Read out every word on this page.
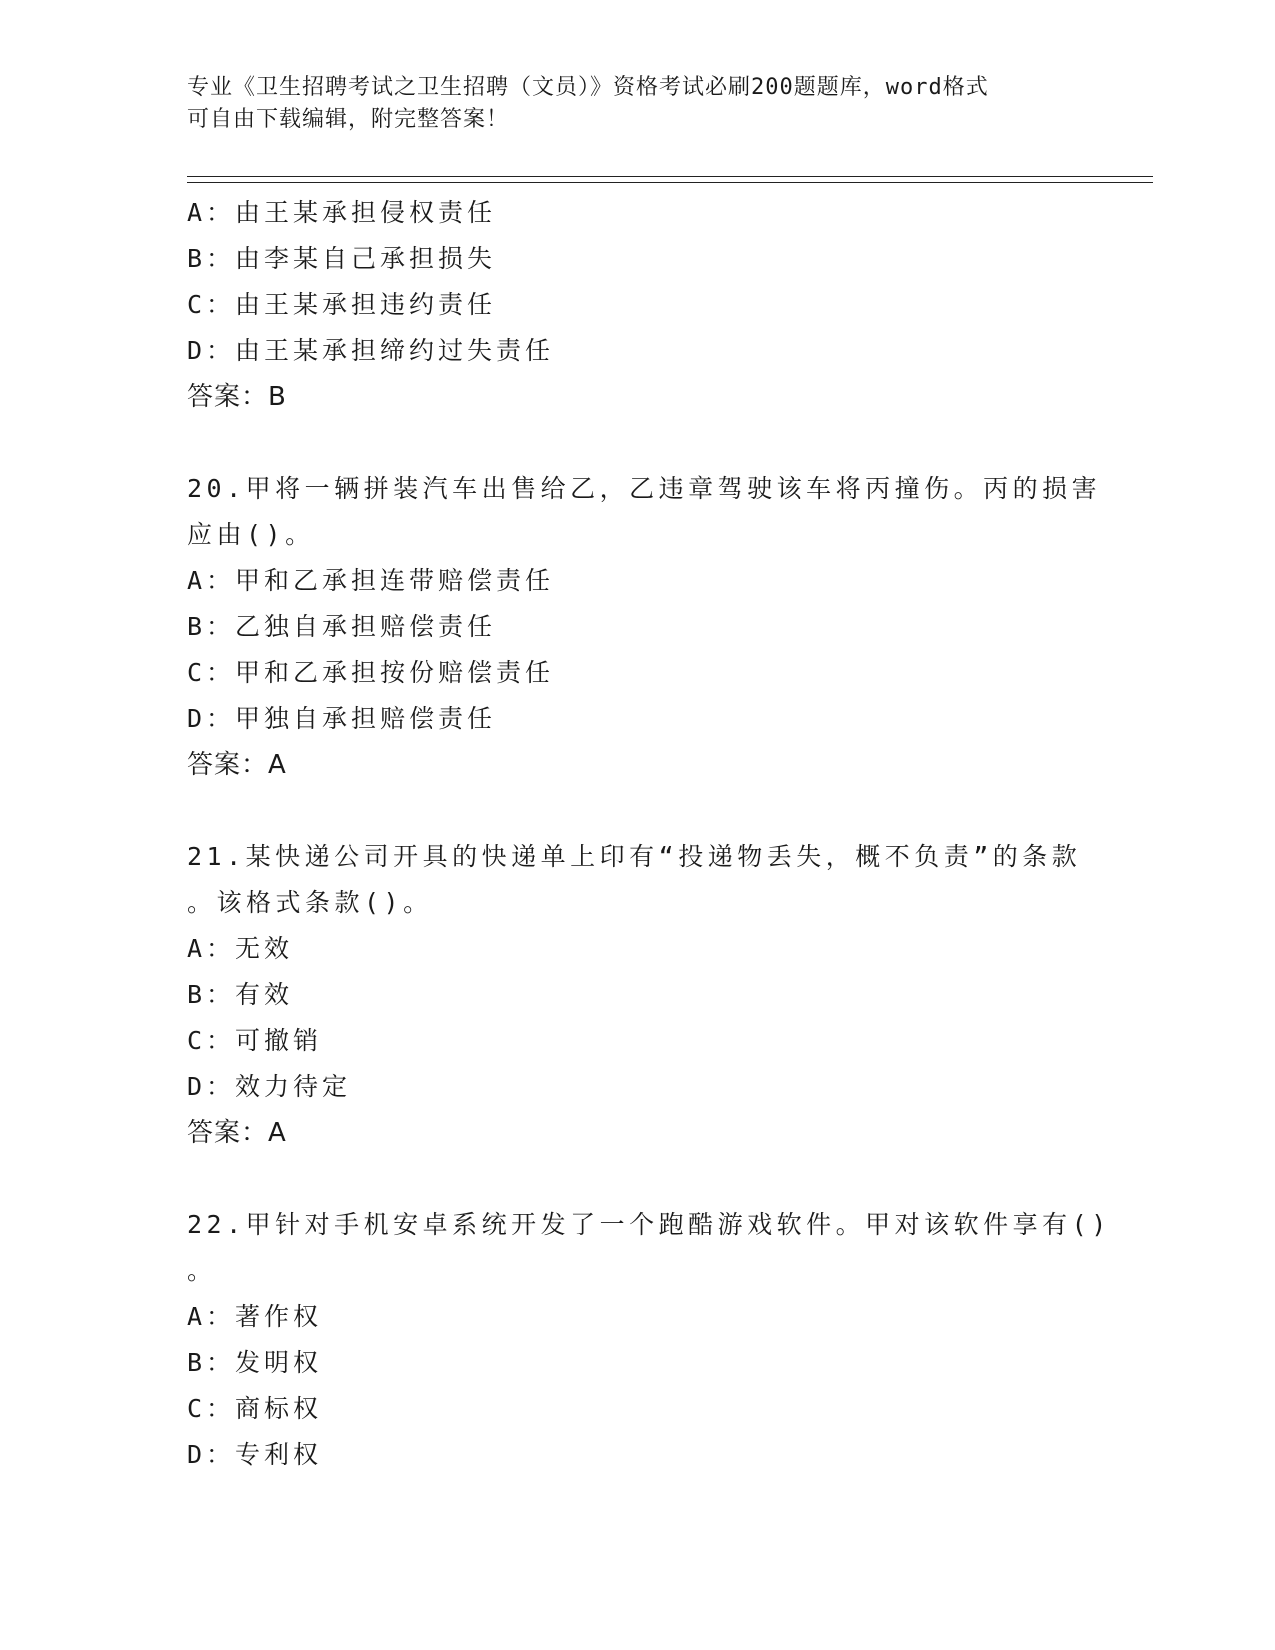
专业《卫生招聘考试之卫生招聘（文员）》资格考试必刷200题题库，word格式
可自由下载编辑，附完整答案！
A：由王某承担侵权责任
B：由李某自己承担损失
C：由王某承担违约责任
D：由王某承担缔约过失责任
答案：B
20.甲将一辆拼装汽车出售给乙，乙违章驾驶该车将丙撞伤。丙的损害
应由()。
A：甲和乙承担连带赔偿责任
B：乙独自承担赔偿责任
C：甲和乙承担按份赔偿责任
D：甲独自承担赔偿责任
答案：A
21.某快递公司开具的快递单上印有“投递物丢失，概不负责”的条款
。该格式条款()。
A：无效
B：有效
C：可撤销
D：效力待定
答案：A
22.甲针对手机安卓系统开发了一个跑酷游戏软件。甲对该软件享有()
。
A：著作权
B：发明权
C：商标权
D：专利权
